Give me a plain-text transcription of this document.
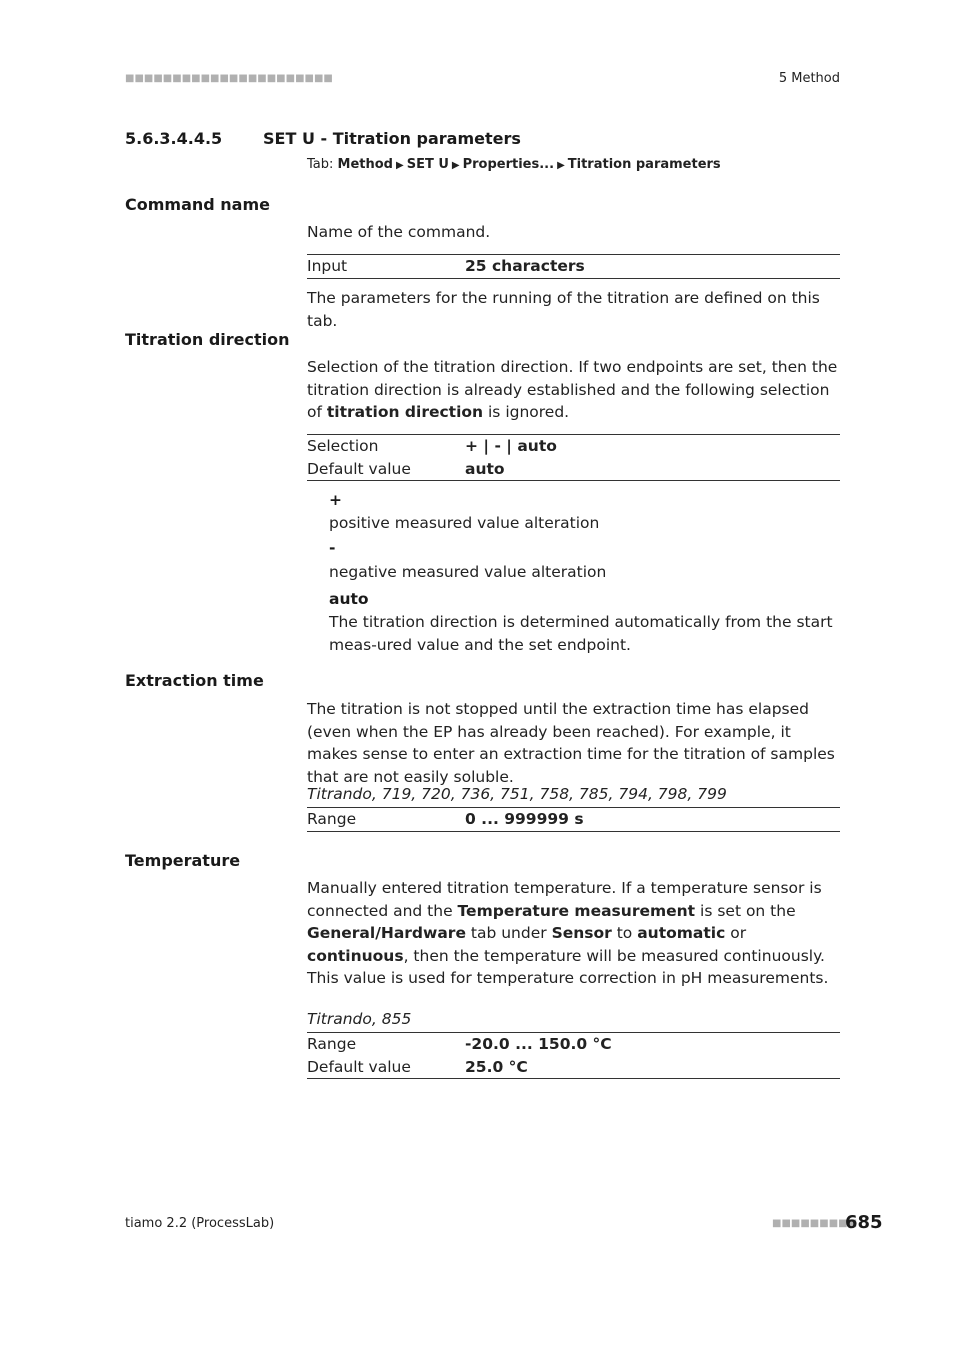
■■■■■■■■■■■■■■■■■■■■■■	5 Method
5.6.3.4.4.5	SET U - Titration parameters
Tab: Method ▶ SET U ▶ Properties... ▶ Titration parameters
Command name
Name of the command.
Input	25 characters
The parameters for the running of the titration are defined on this tab.
Titration direction
Selection of the titration direction. If two endpoints are set, then the titration direction is already established and the following selection of titration direction is ignored.
Selection	+ | - | auto
Default value	auto
+
positive measured value alteration
-
negative measured value alteration
auto
The titration direction is determined automatically from the start meas-ured value and the set endpoint.
Extraction time
The titration is not stopped until the extraction time has elapsed (even when the EP has already been reached). For example, it makes sense to enter an extraction time for the titration of samples that are not easily soluble.
Titrando, 719, 720, 736, 751, 758, 785, 794, 798, 799
Range	0 ... 999999 s
Temperature
Manually entered titration temperature. If a temperature sensor is connected and the Temperature measurement is set on the General/Hardware tab under Sensor to automatic or continuous, then the temperature will be measured continuously. This value is used for temperature correction in pH measurements.
Titrando, 855
Range	-20.0 ... 150.0 °C
Default value	25.0 °C
tiamo 2.2 (ProcessLab)	■■■■■■■■■
685
